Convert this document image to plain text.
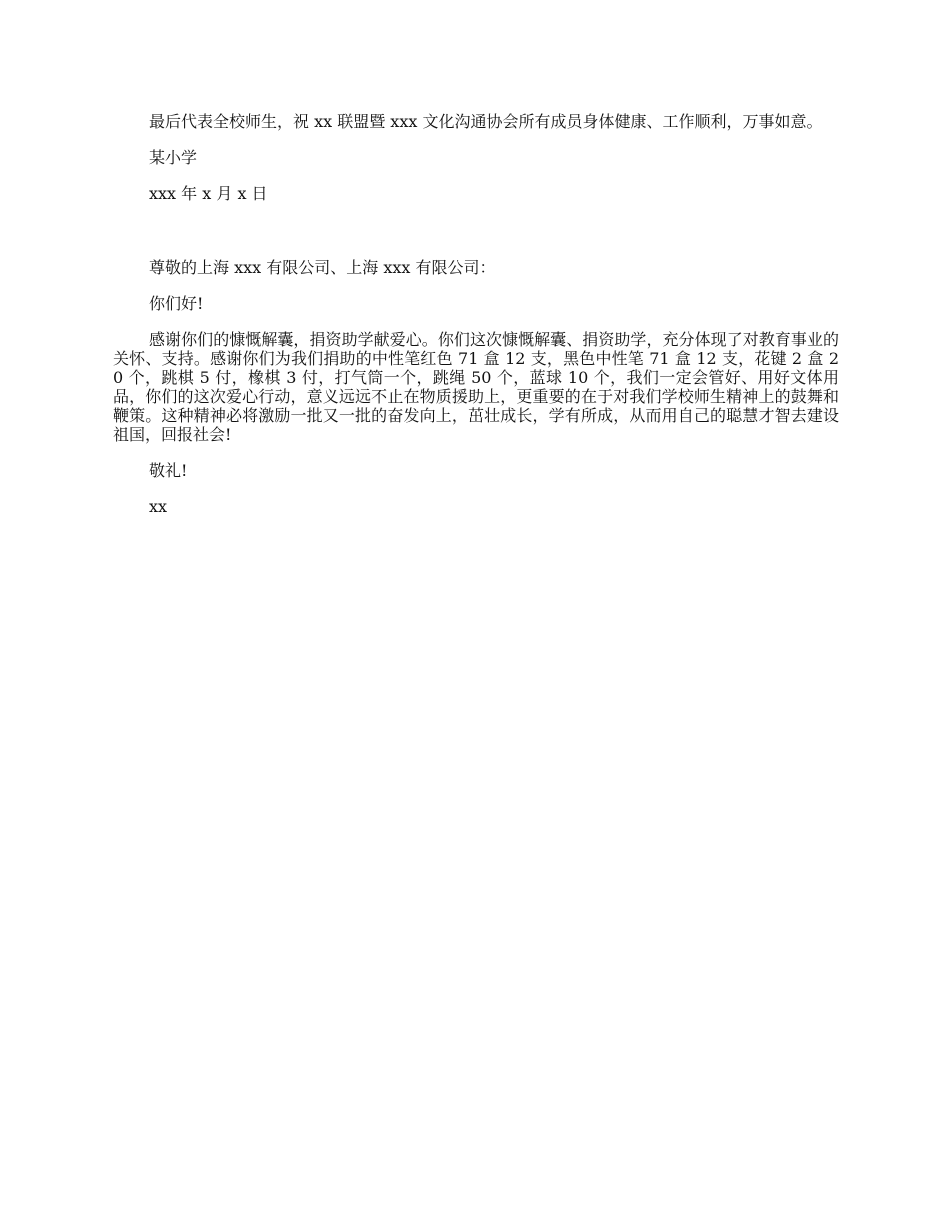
最后代表全校师生，祝 xx 联盟暨 xxx 文化沟通协会所有成员身体健康、工作顺利，万事如意。

某小学

xxx 年 x 月 x 日

尊敬的上海 xxx 有限公司、上海 xxx 有限公司：

你们好!

感谢你们的慷慨解囊，捐资助学献爱心。你们这次慷慨解囊、捐资助学，充分体现了对教育事业的关怀、支持。感谢你们为我们捐助的中性笔红色 71 盒 12 支，黑色中性笔 71 盒 12 支，花键 2 盒 20 个，跳棋 5 付，橡棋 3 付，打气筒一个，跳绳 50 个，蓝球 10 个，我们一定会管好、用好文体用品，你们的这次爱心行动，意义远远不止在物质援助上，更重要的在于对我们学校师生精神上的鼓舞和鞭策。这种精神必将激励一批又一批的奋发向上，茁壮成长，学有所成，从而用自己的聪慧才智去建设祖国，回报社会!

敬礼!

xx
